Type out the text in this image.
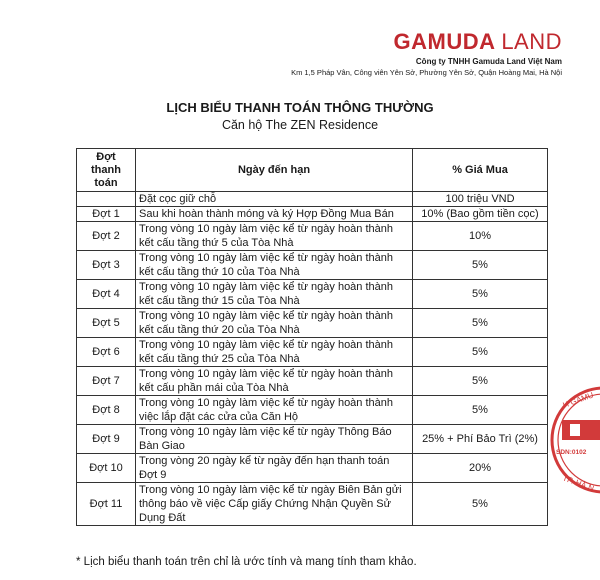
GAMUDA LAND
Công ty TNHH Gamuda Land Việt Nam
Km 1,5 Pháp Vân, Công viên Yên Sở, Phường Yên Sở, Quận Hoàng Mai, Hà Nội
LỊCH BIỂU THANH TOÁN THÔNG THƯỜNG
Căn hộ The ZEN Residence
Đợt thanh toán	Ngày đến hạn	% Giá Mua
	Đặt cọc giữ chỗ	100 triệu VND
Đợt 1	Sau khi hoàn thành móng và ký Hợp Đồng Mua Bán	10% (Bao gồm tiền cọc)
Đợt 2	Trong vòng 10 ngày làm việc kể từ ngày hoàn thành kết cấu tầng thứ 5 của Tòa Nhà	10%
Đợt 3	Trong vòng 10 ngày làm việc kể từ ngày hoàn thành kết cấu tầng thứ 10 của Tòa Nhà	5%
Đợt 4	Trong vòng 10 ngày làm việc kể từ ngày hoàn thành kết cấu tầng thứ 15 của Tòa Nhà	5%
Đợt 5	Trong vòng 10 ngày làm việc kể từ ngày hoàn thành kết cấu tầng thứ 20 của Tòa Nhà	5%
Đợt 6	Trong vòng 10 ngày làm việc kể từ ngày hoàn thành kết cấu tầng thứ 25 của Tòa Nhà	5%
Đợt 7	Trong vòng 10 ngày làm việc kể từ ngày hoàn thành kết cấu phần mái của Tòa Nhà	5%
Đợt 8	Trong vòng 10 ngày làm việc kể từ ngày hoàn thành việc lắp đặt các cửa của Căn Hộ	5%
Đợt 9	Trong vòng 10 ngày làm việc kể từ ngày Thông Báo Bàn Giao	25% + Phí Bảo Trì (2%)
Đợt 10	Trong vòng 20 ngày kể từ ngày đến hạn thanh toán Đợt 9	20%
Đợt 11	Trong vòng 10 ngày làm việc kể từ ngày Biên Bản gửi thông báo về việc Cấp giấy Chứng Nhận Quyền Sử Dụng Đất	5%
* Lịch biểu thanh toán trên chỉ là ước tính và mang tính tham khảo.
H GAMU
SDN:0102
TP. HÀ N
